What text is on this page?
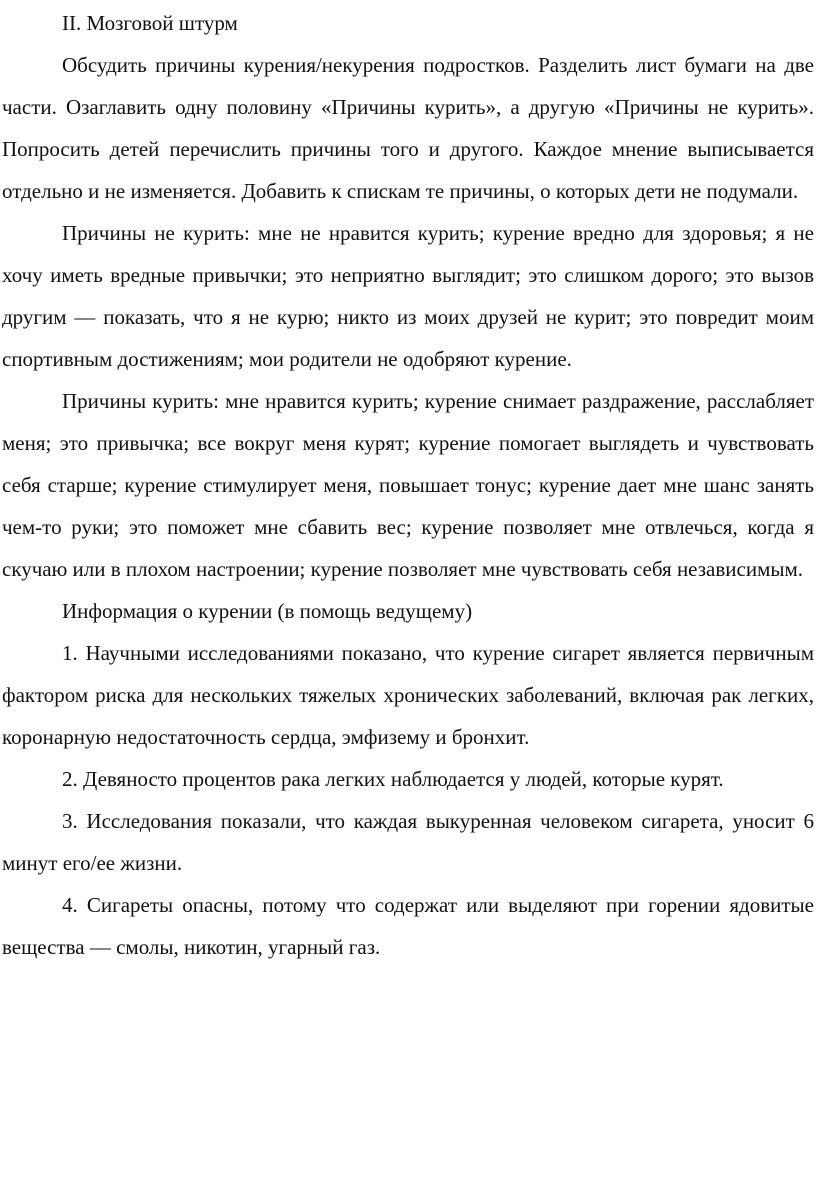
II. Мозговой штурм

Обсудить причины курения/некурения подростков. Разделить лист бумаги на две части. Озаглавить одну половину «Причины курить», а другую «Причины не курить». Попросить детей перечислить причины того и другого. Каждое мнение выписывается отдельно и не изменяется. Добавить к спискам те причины, о которых дети не подумали.

Причины не курить: мне не нравится курить; курение вредно для здоровья; я не хочу иметь вредные привычки; это неприятно выглядит; это слишком дорого; это вызов другим — показать, что я не курю; никто из моих друзей не курит; это повредит моим спортивным достижениям; мои родители не одобряют курение.

Причины курить: мне нравится курить; курение снимает раздражение, расслабляет меня; это привычка; все вокруг меня курят; курение помогает выглядеть и чувствовать себя старше; курение стимулирует меня, повышает тонус; курение дает мне шанс занять чем-то руки; это поможет мне сбавить вес; курение позволяет мне отвлечься, когда я скучаю или в плохом настроении; курение позволяет мне чувствовать себя независимым.

Информация о курении (в помощь ведущему)

1. Научными исследованиями показано, что курение сигарет является первичным фактором риска для нескольких тяжелых хронических заболеваний, включая рак легких, коронарную недостаточность сердца, эмфизему и бронхит.

2. Девяносто процентов рака легких наблюдается у людей, которые курят.

3. Исследования показали, что каждая выкуренная человеком сигарета, уносит 6 минут его/ее жизни.

4. Сигареты опасны, потому что содержат или выделяют при горении ядовитые вещества — смолы, никотин, угарный газ.
